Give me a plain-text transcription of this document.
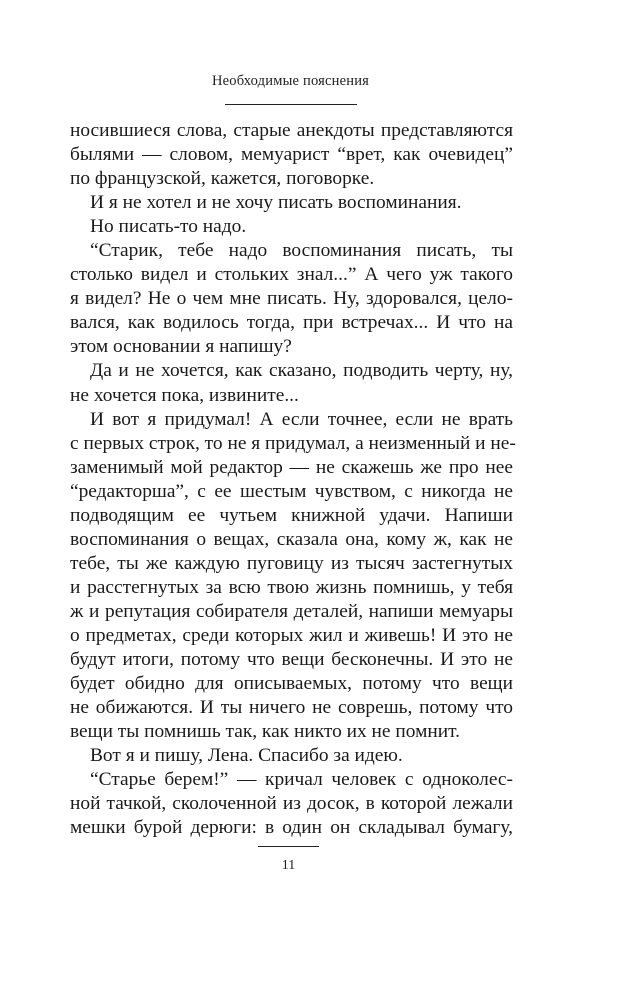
Необходимые пояснения
носившиеся слова, старые анекдоты представляются
былями — словом, мемуарист “врет, как очевидец”
по французской, кажется, поговорке.
И я не хотел и не хочу писать воспоминания.
Но писать-то надо.
“Старик, тебе надо воспоминания писать, ты
столько видел и стольких знал...” А чего уж такого
я видел? Не о чем мне писать. Ну, здоровался, цело-
вался, как водилось тогда, при встречах... И что на
этом основании я напишу?
Да и не хочется, как сказано, подводить черту, ну,
не хочется пока, извините...
И вот я придумал! А если точнее, если не врать
с первых строк, то не я придумал, а неизменный и не-
заменимый мой редактор — не скажешь же про нее
“редакторша”, с ее шестым чувством, с никогда не
подводящим ее чутьем книжной удачи. Напиши
воспоминания о вещах, сказала она, кому ж, как не
тебе, ты же каждую пуговицу из тысяч застегнутых
и расстегнутых за всю твою жизнь помнишь, у тебя
ж и репутация собирателя деталей, напиши мемуары
о предметах, среди которых жил и живешь! И это не
будут итоги, потому что вещи бесконечны. И это не
будет обидно для описываемых, потому что вещи
не обижаются. И ты ничего не соврешь, потому что
вещи ты помнишь так, как никто их не помнит.
Вот я и пишу, Лена. Спасибо за идею.
“Старье берем!” — кричал человек с одноколес-
ной тачкой, сколоченной из досок, в которой лежали
мешки бурой дерюги: в один он складывал бумагу,
11
